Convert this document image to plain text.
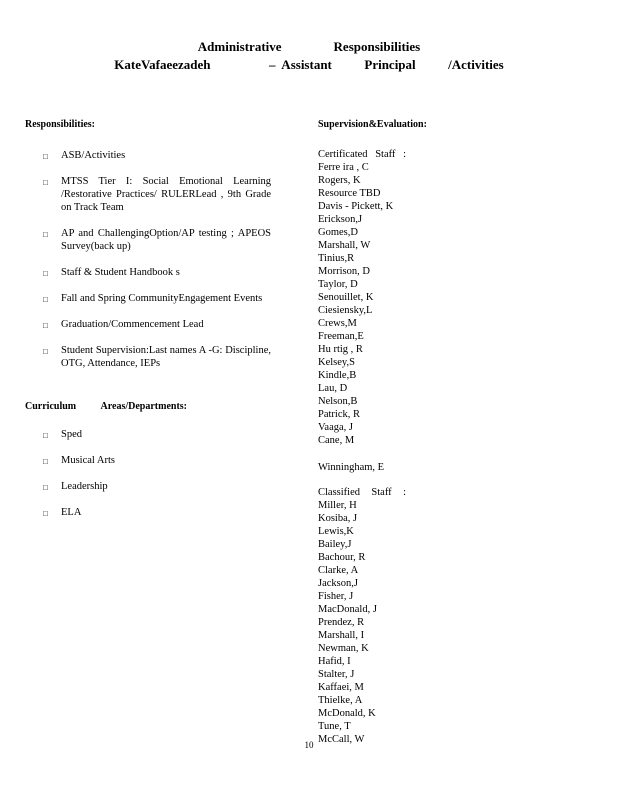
Administrative                Responsibilities
KateVafaeezadeh                  –  Assistant          Principal          /Activities

Responsibilities:

□ ASB/Activities
□ MTSS Tier I: Social Emotional Learning /Restorative Practices/ RULERLead , 9th Grade on Track Team
□ AP and ChallengingOption/AP testing ; APEOS Survey(back up)
□ Staff & Student Handbook s
□ Fall and Spring CommunityEngagement Events
□ Graduation/Commencement Lead
□ Student Supervision:Last names A -G: Discipline, OTG, Attendance, IEPs

Curriculum          Areas/Departments:

□ Sped
□ Musical Arts
□ Leadership
□ ELA

Supervision&Evaluation:

Certificated Staff :
Ferre ira , C
Rogers, K
Resource TBD
Davis - Pickett, K
Erickson,J
Gomes,D
Marshall, W
Tinius,R
Morrison, D
Taylor, D
Senouillet, K
Ciesiensky,L
Crews,M
Freeman,E
Hu rtig , R
Kelsey,S
Kindle,B
Lau, D
Nelson,B
Patrick, R
Vaaga, J
Cane, M
Winningham, E
Classified Staff :
Miller, H
Kosiba, J
Lewis,K
Bailey,J
Bachour, R
Clarke, A
Jackson,J
Fisher, J
MacDonald, J
Prendez, R
Marshall, I
Newman, K
Hafid, I
Stalter, J
Kaffaei, M
Thielke, A
McDonald, K
Tune, T
McCall, W
10
